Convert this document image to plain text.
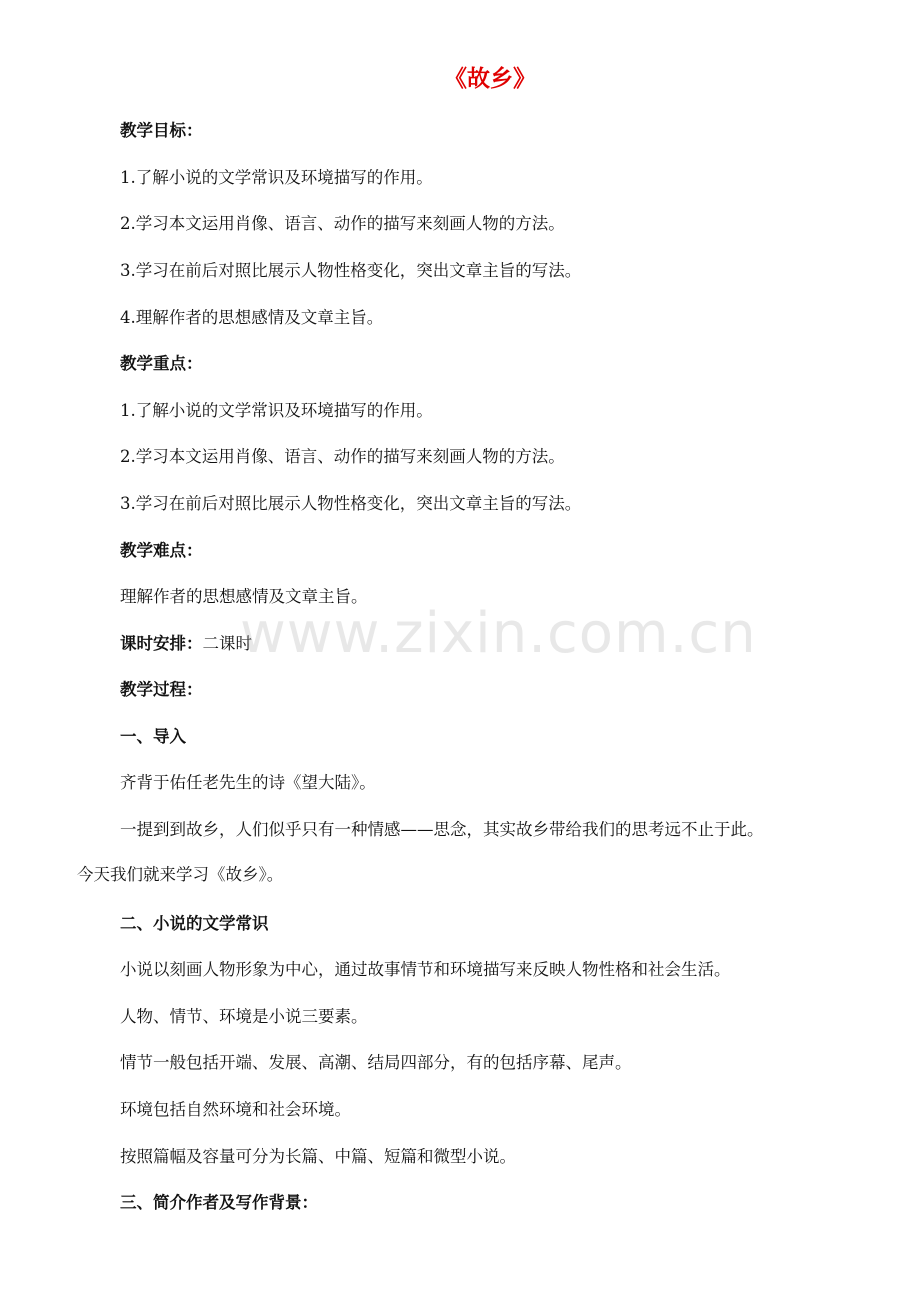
《故乡》
教学目标：
1.了解小说的文学常识及环境描写的作用。
2.学习本文运用肖像、语言、动作的描写来刻画人物的方法。
3.学习在前后对照比展示人物性格变化，突出文章主旨的写法。
4.理解作者的思想感情及文章主旨。
教学重点：
1.了解小说的文学常识及环境描写的作用。
2.学习本文运用肖像、语言、动作的描写来刻画人物的方法。
3.学习在前后对照比展示人物性格变化，突出文章主旨的写法。
教学难点：
理解作者的思想感情及文章主旨。
课时安排：二课时
教学过程：
一、导入
齐背于佑任老先生的诗《望大陆》。
一提到到故乡，人们似乎只有一种情感——思念，其实故乡带给我们的思考远不止于此。
今天我们就来学习《故乡》。
二、小说的文学常识
小说以刻画人物形象为中心，通过故事情节和环境描写来反映人物性格和社会生活。
人物、情节、环境是小说三要素。
情节一般包括开端、发展、高潮、结局四部分，有的包括序幕、尾声。
环境包括自然环境和社会环境。
按照篇幅及容量可分为长篇、中篇、短篇和微型小说。
三、简介作者及写作背景：
www.zixin.com.cn
